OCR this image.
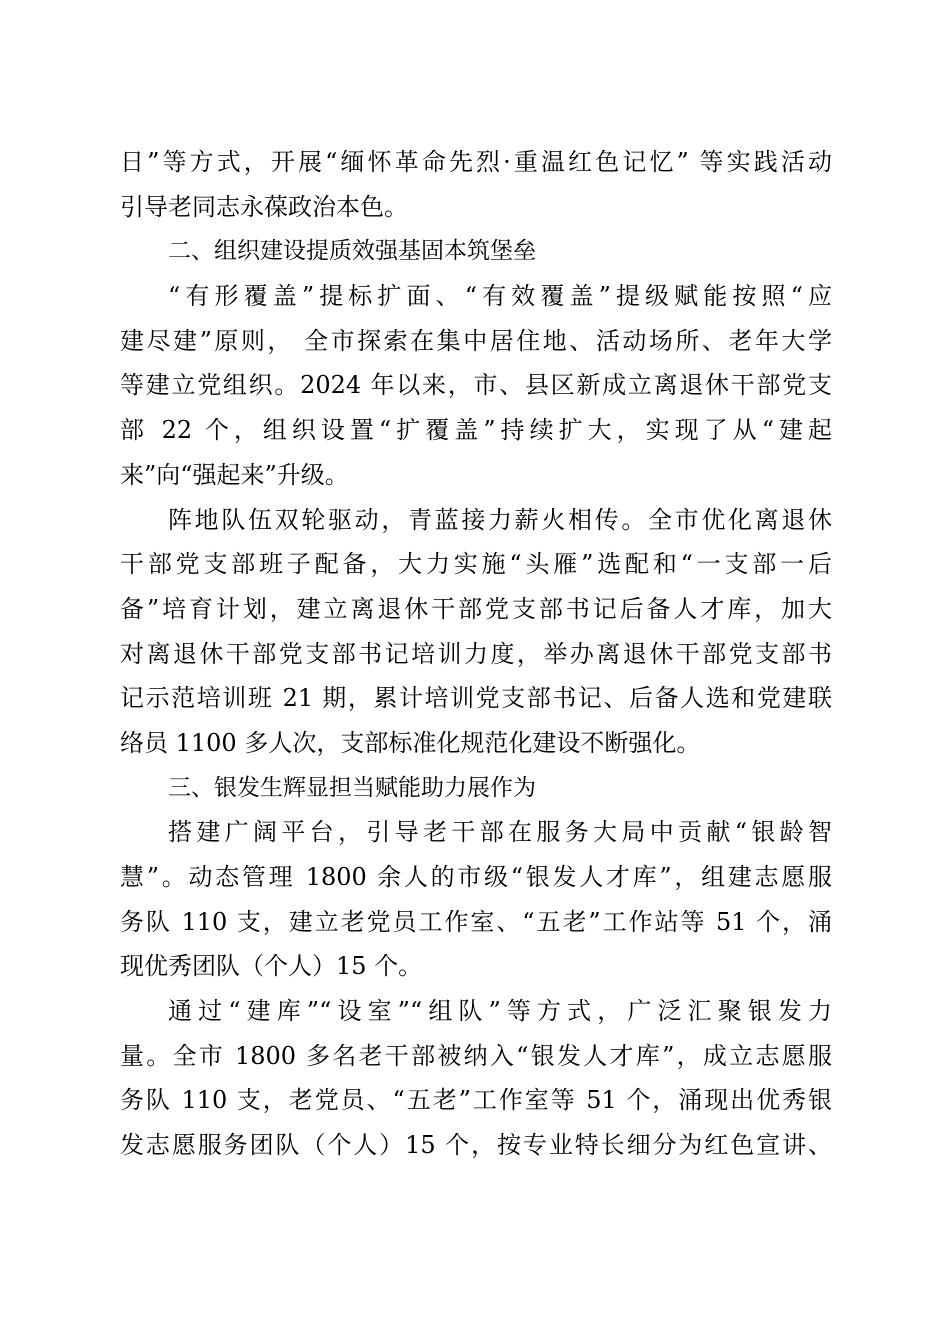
日”等方式，开展“缅怀革命先烈·重温红色记忆” 等实践活动
引导老同志永葆政治本色。
二、组织建设提质效强基固本筑堡垒
“有形覆盖”提标扩面、“有效覆盖”提级赋能按照“应
建尽建”原则， 全市探索在集中居住地、活动场所、老年大学
等建立党组织。2024 年以来，市、县区新成立离退休干部党支
部 22 个，组织设置“扩覆盖”持续扩大，实现了从“建起
来”向“强起来”升级。
阵地队伍双轮驱动，青蓝接力薪火相传。全市优化离退休
干部党支部班子配备，大力实施“头雁”选配和“一支部一后
备”培育计划，建立离退休干部党支部书记后备人才库，加大
对离退休干部党支部书记培训力度，举办离退休干部党支部书
记示范培训班 21 期，累计培训党支部书记、后备人选和党建联
络员 1100 多人次，支部标准化规范化建设不断强化。
三、银发生辉显担当赋能助力展作为
搭建广阔平台，引导老干部在服务大局中贡献“银龄智
慧”。动态管理 1800 余人的市级“银发人才库”，组建志愿服
务队 110 支，建立老党员工作室、“五老”工作站等 51 个，涌
现优秀团队（个人）15 个。
通过“建库”“设室”“组队”等方式，广泛汇聚银发力
量。全市 1800 多名老干部被纳入“银发人才库”，成立志愿服
务队 110 支，老党员、“五老”工作室等 51 个，涌现出优秀银
发志愿服务团队（个人）15 个，按专业特长细分为红色宣讲、
